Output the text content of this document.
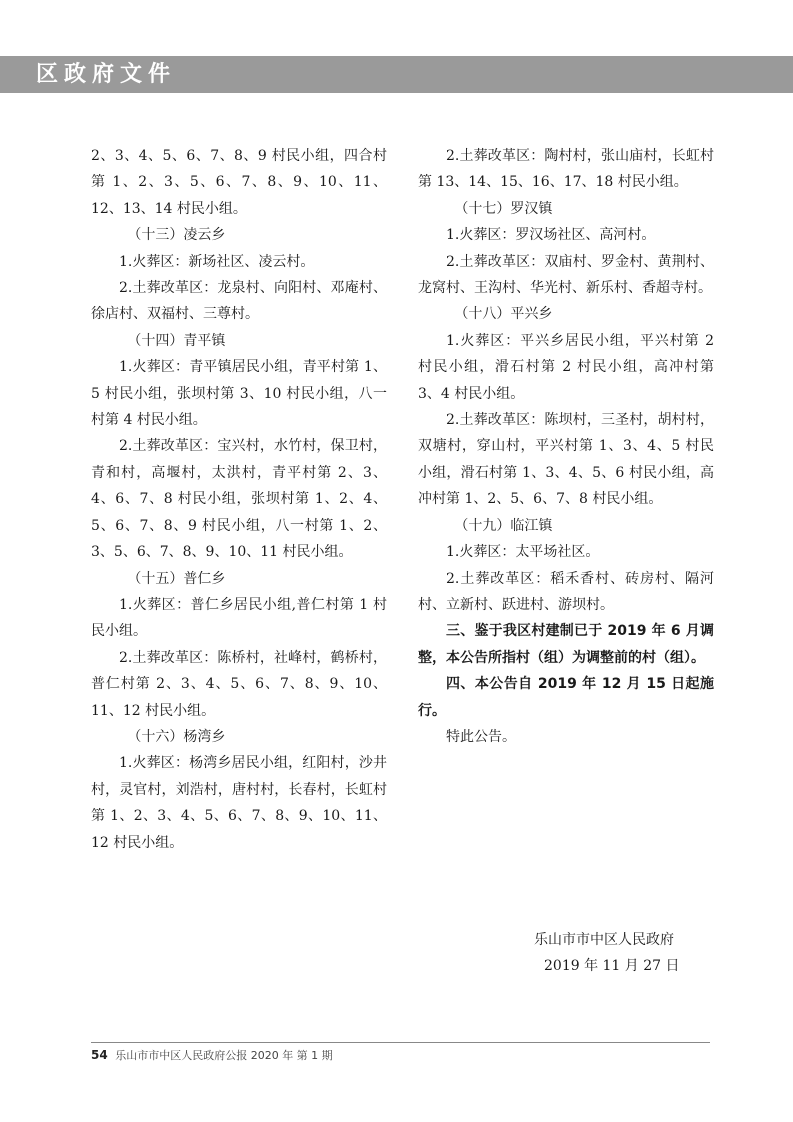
区政府文件

2、3、4、5、6、7、8、9 村民小组，四合村第 1、2、3、5、6、7、8、9、10、11、12、13、14 村民小组。

（十三）凌云乡

1.火葬区：新场社区、凌云村。

2.土葬改革区：龙泉村、向阳村、邓庵村、徐店村、双福村、三尊村。

（十四）青平镇

1.火葬区：青平镇居民小组，青平村第 1、5 村民小组，张坝村第 3、10 村民小组，八一村第 4 村民小组。

2.土葬改革区：宝兴村，水竹村，保卫村，青和村，高堰村，太洪村，青平村第 2、3、4、6、7、8 村民小组，张坝村第 1、2、4、5、6、7、8、9 村民小组，八一村第 1、2、3、5、6、7、8、9、10、11 村民小组。

（十五）普仁乡

1.火葬区：普仁乡居民小组,普仁村第 1 村民小组。

2.土葬改革区：陈桥村，社峰村，鹤桥村，普仁村第 2、3、4、5、6、7、8、9、10、11、12 村民小组。

（十六）杨湾乡

1.火葬区：杨湾乡居民小组，红阳村，沙井村，灵官村，刘浩村，唐村村，长春村，长虹村第 1、2、3、4、5、6、7、8、9、10、11、12 村民小组。

2.土葬改革区：陶村村，张山庙村，长虹村第 13、14、15、16、17、18 村民小组。

（十七）罗汉镇

1.火葬区：罗汉场社区、高河村。

2.土葬改革区：双庙村、罗金村、黄荆村、龙窝村、王沟村、华光村、新乐村、香超寺村。

（十八）平兴乡

1.火葬区：平兴乡居民小组，平兴村第 2 村民小组，滑石村第 2 村民小组，高冲村第 3、4 村民小组。

2.土葬改革区：陈坝村，三圣村，胡村村，双塘村，穿山村，平兴村第 1、3、4、5 村民小组，滑石村第 1、3、4、5、6 村民小组，高冲村第 1、2、5、6、7、8 村民小组。

（十九）临江镇

1.火葬区：太平场社区。

2.土葬改革区：稻禾香村、砖房村、隔河村、立新村、跃进村、游坝村。

三、鉴于我区村建制已于 2019 年 6 月调整，本公告所指村（组）为调整前的村（组）。

四、本公告自 2019 年 12 月 15 日起施行。

特此公告。

乐山市市中区人民政府
2019 年 11 月 27 日
54 乐山市市中区人民政府公报 2020 年 第 1 期
